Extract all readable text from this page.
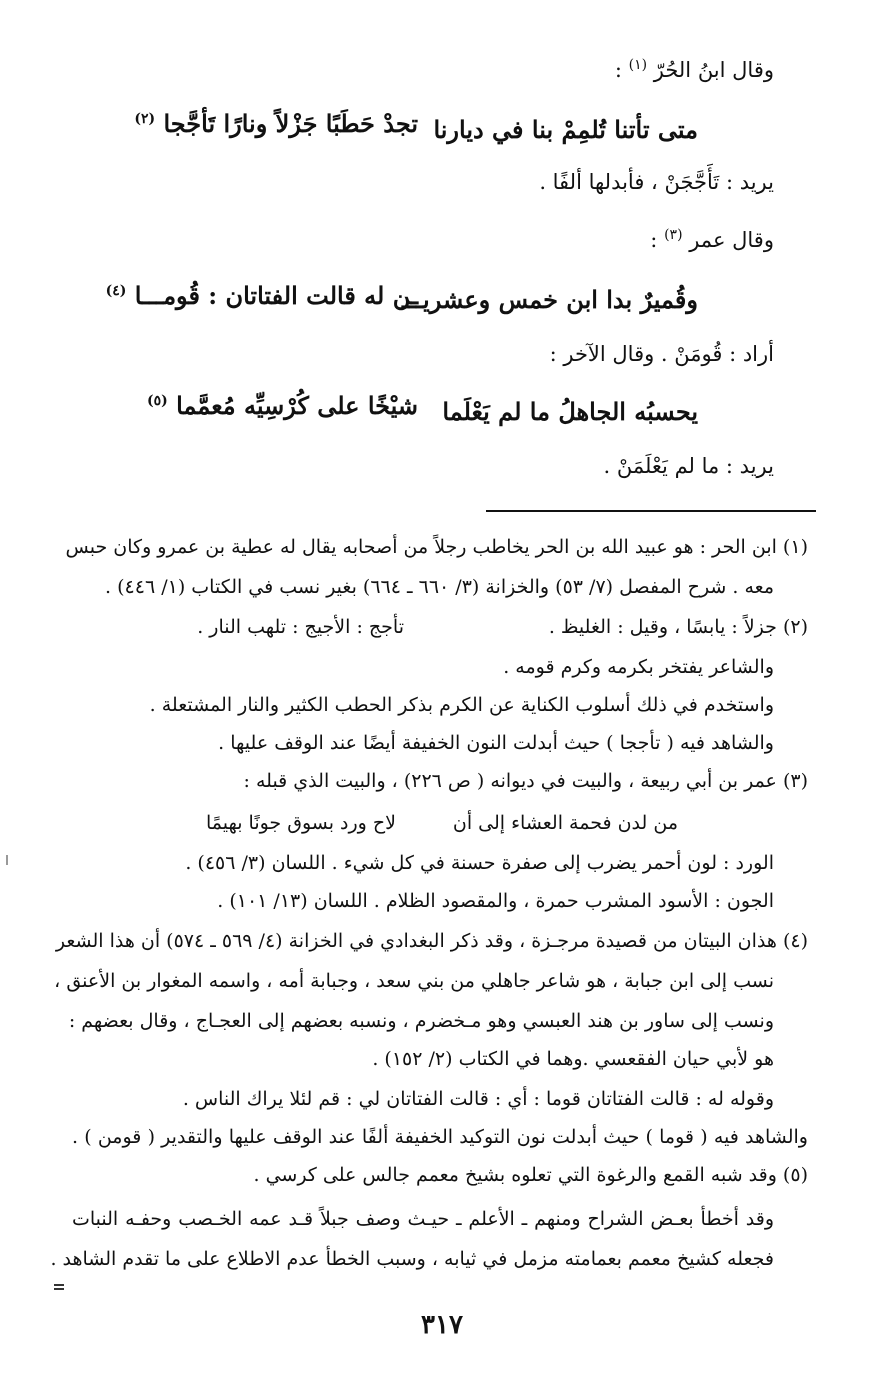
وقال ابنُ الحُرّ $^{(١)}$ :
متى تأتنا تُلمِمْ بنا في ديارنا
تجدْ حَطَبًا جَزْلاً ونارًا تَأجَّجا $^{(٢)}$
يريد : تَأَجَّجَنْ ، فأبدلها ألفًا .
وقال عمر $^{(٣)}$ :
وقُميرٌ بدا ابن خمس وعشريـــ
ـن له قالت الفتاتان : قُومـــا $^{(٤)}$
أراد : قُومَنْ . وقال الآخر :
يحسبُه الجاهلُ ما لم يَعْلَما
شيْخًا على كُرْسِيِّه مُعمَّما $^{(٥)}$
يريد : ما لم يَعْلَمَنْ .
(١) ابن الحر : هو عبيد الله بن الحر يخاطب رجلاً من أصحابه يقال له عطية بن عمرو وكان حبس
معه . شرح المفصل (٧/ ٥٣) والخزانة (٣/ ٦٦٠ ـ ٦٦٤) بغير نسب في الكتاب (١/ ٤٤٦) .
(٢) جزلاً : يابسًا ، وقيل : الغليظ .
تأجج : الأجيج : تلهب النار .
والشاعر يفتخر بكرمه وكرم قومه .
واستخدم في ذلك أسلوب الكناية عن الكرم بذكر الحطب الكثير والنار المشتعلة .
والشاهد فيه ( تأججا ) حيث أبدلت النون الخفيفة أيضًا عند الوقف عليها .
(٣) عمر بن أبي ربيعة ، والبيت في ديوانه ( ص ٢٢٦) ، والبيت الذي قبله :
من لدن فحمة العشاء إلى أن
لاح ورد بسوق جونًا بهيمًا
الورد : لون أحمر يضرب إلى صفرة حسنة في كل شيء . اللسان (٣/ ٤٥٦) .
الجون : الأسود المشرب حمرة ، والمقصود الظلام . اللسان (١٣/ ١٠١) .
(٤) هذان البيتان من قصيدة مرجـزة ، وقد ذكر البغدادي في الخزانة (٤/ ٥٦٩ ـ ٥٧٤) أن هذا الشعر
نسب إلى ابن جبابة ، هو شاعر جاهلي من بني سعد ، وجبابة أمه ، واسمه المغوار بن الأعنق ،
ونسب إلى ساور بن هند العبسي وهو مـخضرم ، ونسبه بعضهم إلى العجـاج ، وقال بعضهم :
هو لأبي حيان الفقعسي .وهما في الكتاب (٢/ ١٥٢) .
وقوله له : قالت الفتاتان قوما : أي : قالت الفتاتان لي : قم لئلا يراك الناس .
والشاهد فيه ( قوما ) حيث أبدلت نون التوكيد الخفيفة ألفًا عند الوقف عليها والتقدير ( قومن ) .
(٥) وقد شبه القمع والرغوة التي تعلوه بشيخ معمم جالس على كرسي .
وقد أخطأ بعـض الشراح ومنهم ـ الأعلم ـ حيـث وصف جبلاً قـد عمه الخـصب وحفـه النبات
فجعله كشيخ معمم بعمامته مزمل في ثيابه ، وسبب الخطأ عدم الاطلاع على ما تقدم الشاهد .
٣١٧
